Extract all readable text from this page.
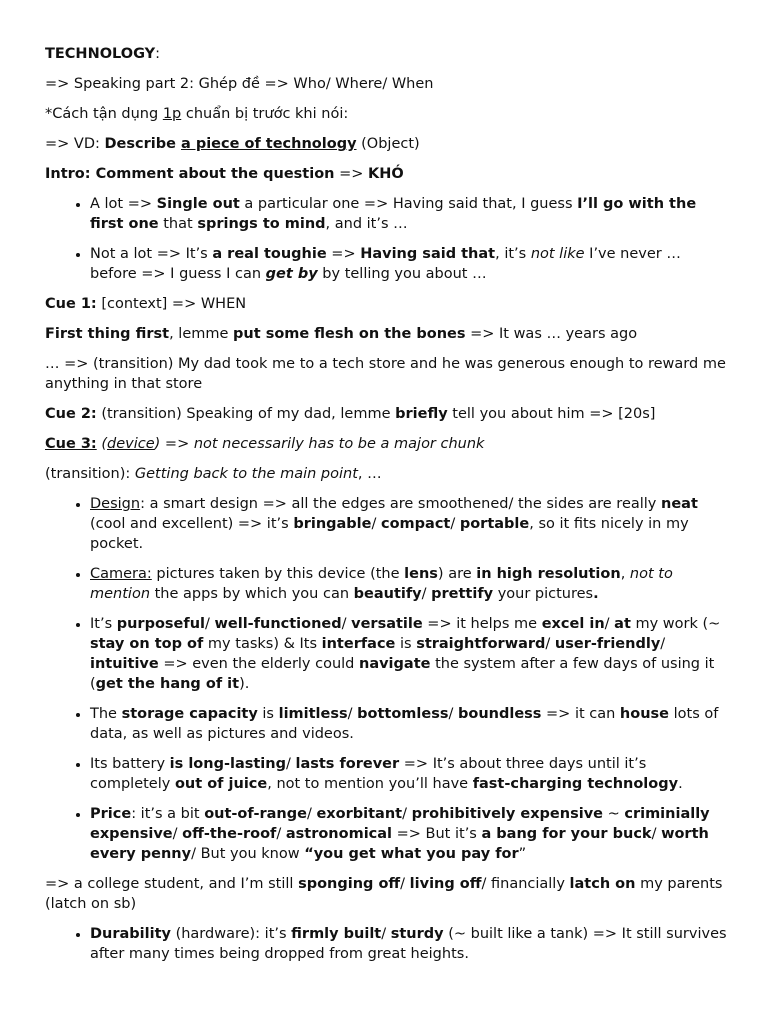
TECHNOLOGY:

=> Speaking part 2: Ghép đề => Who/ Where/ When

*Cách tận dụng 1p chuẩn bị trước khi nói:

=> VD: Describe a piece of technology (Object)

Intro: Comment about the question => KHÓ

• A lot => Single out a particular one => Having said that, I guess I’ll go with the first one that springs to mind, and it’s …
• Not a lot => It’s a real toughie => Having said that, it’s not like I’ve never … before => I guess I can get by by telling you about …

Cue 1: [context] => WHEN

First thing first, lemme put some flesh on the bones => It was … years ago

… => (transition) My dad took me to a tech store and he was generous enough to reward me anything in that store

Cue 2: (transition) Speaking of my dad, lemme briefly tell you about him => [20s]

Cue 3: (device) => not necessarily has to be a major chunk

(transition): Getting back to the main point, …

• Design: a smart design => all the edges are smoothened/ the sides are really neat (cool and excellent) => it’s bringable/ compact/ portable, so it fits nicely in my pocket.
• Camera: pictures taken by this device (the lens) are in high resolution, not to mention the apps by which you can beautify/ prettify your pictures.
• It’s purposeful/ well-functioned/ versatile => it helps me excel in/ at my work (~ stay on top of my tasks) & Its interface is straightforward/ user-friendly/ intuitive => even the elderly could navigate the system after a few days of using it (get the hang of it).
• The storage capacity is limitless/ bottomless/ boundless => it can house lots of data, as well as pictures and videos.
• Its battery is long-lasting/ lasts forever => It’s about three days until it’s completely out of juice, not to mention you’ll have fast-charging technology.
• Price: it’s a bit out-of-range/ exorbitant/ prohibitively expensive ~ criminially expensive/ off-the-roof/ astronomical => But it’s a bang for your buck/ worth every penny/ But you know “you get what you pay for”

=> a college student, and I’m still sponging off/ living off/ financially latch on my parents (latch on sb)

• Durability (hardware): it’s firmly built/ sturdy (~ built like a tank) => It still survives after many times being dropped from great heights.
